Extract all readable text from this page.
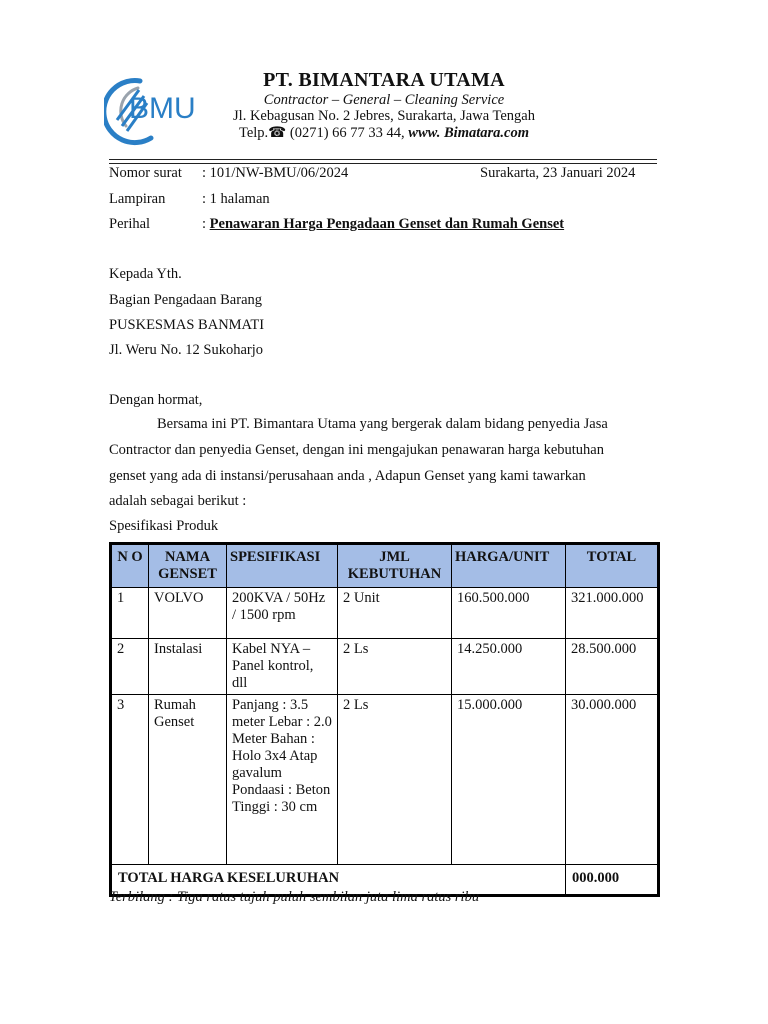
BMU
PT. BIMANTARA UTAMA
Contractor – General – Cleaning Service
Jl. Kebagusan No. 2 Jebres, Surakarta, Jawa Tengah
Telp.☎ (0271) 66 77 33 44, www. Bimatara.com
Nomor surat : 101/NW-BMU/06/2024	Surakarta, 23 Januari 2024
Lampiran	: 1 halaman
Perihal	: Penawaran Harga Pengadaan Genset dan Rumah Genset
Kepada Yth.
Bagian Pengadaan Barang
PUSKESMAS BANMATI
Jl. Weru No. 12 Sukoharjo
Dengan hormat,
Bersama ini PT. Bimantara Utama yang bergerak dalam bidang penyedia Jasa
Contractor dan penyedia Genset, dengan ini mengajukan penawaran harga kebutuhan
genset yang ada di instansi/perusahaan anda , Adapun Genset yang kami tawarkan
adalah sebagai berikut :
Spesifikasi Produk
N O	NAMA GENSET	SPESIFIKASI	JML KEBUTUHAN	HARGA/UNIT	TOTAL
1	VOLVO	200KVA / 50Hz / 1500 rpm	2 Unit	160.500.000	321.000.000
2	Instalasi	Kabel NYA – Panel kontrol, dll	2 Ls	14.250.000	28.500.000
3	Rumah Genset	Panjang : 3.5 meter Lebar : 2.0 Meter Bahan : Holo 3x4 Atap gavalum Pondaasi : Beton Tinggi : 30 cm	2 Ls	15.000.000	30.000.000
TOTAL HARGA KESELURUHAN					000.000
Terbilang : Tiga ratus tujuh puluh sembilan juta lima ratus ribu
